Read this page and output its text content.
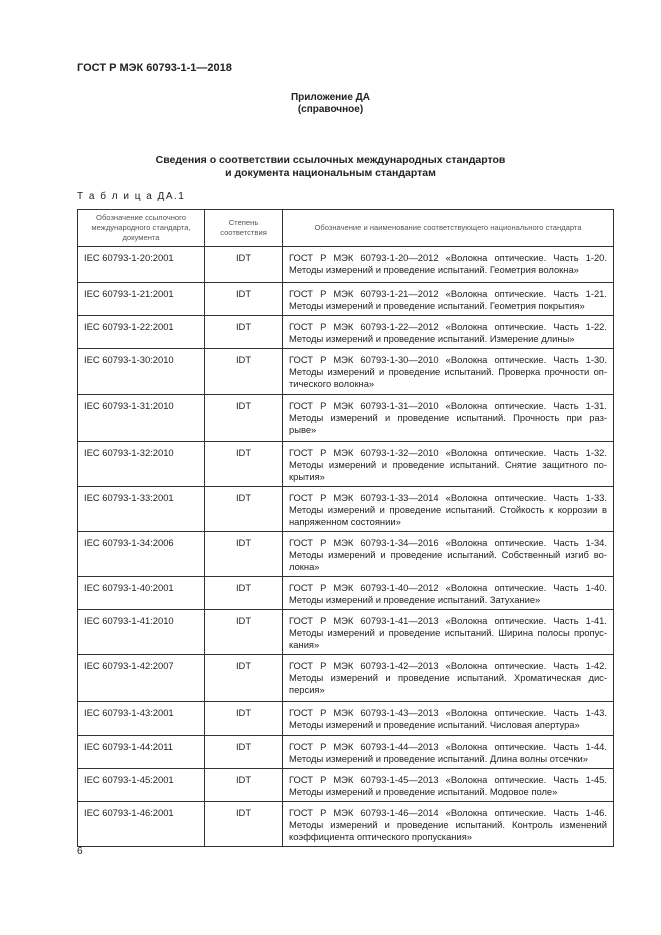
ГОСТ Р МЭК 60793-1-1—2018
Приложение ДА
(справочное)
Сведения о соответствии ссылочных международных стандартов
и документа национальным стандартам
Т а б л и ц а ДА.1
Обозначение ссылочного международного стандарта, документа	Степень соответствия	Обозначение и наименование соответствующего национального стандарта
IEC 60793-1-20:2001	IDT	ГОСТ Р МЭК 60793-1-20—2012 «Волокна оптические. Часть 1-20.
Методы измерений и проведение испытаний. Геометрия волокна»

IEC 60793-1-21:2001	IDT	ГОСТ Р МЭК 60793-1-21—2012 «Волокна оптические. Часть 1-21.
Методы измерений и проведение испытаний. Геометрия покрытия»

IEC 60793-1-22:2001	IDT	ГОСТ Р МЭК 60793-1-22—2012 «Волокна оптические. Часть 1-22.
Методы измерений и проведение испытаний. Измерение длины»

IEC 60793-1-30:2010	IDT	ГОСТ Р МЭК 60793-1-30—2010 «Волокна оптические. Часть 1-30.
Методы измерений и проведение испытаний. Проверка прочности оп-
тического волокна»

IEC 60793-1-31:2010	IDT	ГОСТ Р МЭК 60793-1-31—2010 «Волокна оптические. Часть 1-31.
Методы измерений и проведение испытаний. Прочность при раз-
рыве»

IEC 60793-1-32:2010	IDT	ГОСТ Р МЭК 60793-1-32—2010 «Волокна оптические. Часть 1-32.
Методы измерений и проведение испытаний. Снятие защитного по-
крытия»

IEC 60793-1-33:2001	IDT	ГОСТ Р МЭК 60793-1-33—2014 «Волокна оптические. Часть 1-33.
Методы измерений и проведение испытаний. Стойкость к коррозии в
напряженном состоянии»

IEC 60793-1-34:2006	IDT	ГОСТ Р МЭК 60793-1-34—2016 «Волокна оптические. Часть 1-34.
Методы измерений и проведение испытаний. Собственный изгиб во-
локна»

IEC 60793-1-40:2001	IDT	ГОСТ Р МЭК 60793-1-40—2012 «Волокна оптические. Часть 1-40.
Методы измерений и проведение испытаний. Затухание»

IEC 60793-1-41:2010	IDT	ГОСТ Р МЭК 60793-1-41—2013 «Волокна оптические. Часть 1-41.
Методы измерений и проведение испытаний. Ширина полосы пропус-
кания»

IEC 60793-1-42:2007	IDT	ГОСТ Р МЭК 60793-1-42—2013 «Волокна оптические. Часть 1-42.
Методы измерений и проведение испытаний. Хроматическая дис-
персия»

IEC 60793-1-43:2001	IDT	ГОСТ Р МЭК 60793-1-43—2013 «Волокна оптические. Часть 1-43.
Методы измерений и проведение испытаний. Числовая апертура»

IEC 60793-1-44:2011	IDT	ГОСТ Р МЭК 60793-1-44—2013 «Волокна оптические. Часть 1-44.
Методы измерений и проведение испытаний. Длина волны отсечки»

IEC 60793-1-45:2001	IDT	ГОСТ Р МЭК 60793-1-45—2013 «Волокна оптические. Часть 1-45.
Методы измерений и проведение испытаний. Модовое поле»

IEC 60793-1-46:2001	IDT	ГОСТ Р МЭК 60793-1-46—2014 «Волокна оптические. Часть 1-46.
Методы измерений и проведение испытаний. Контроль изменений
коэффициента оптического пропускания»
6
